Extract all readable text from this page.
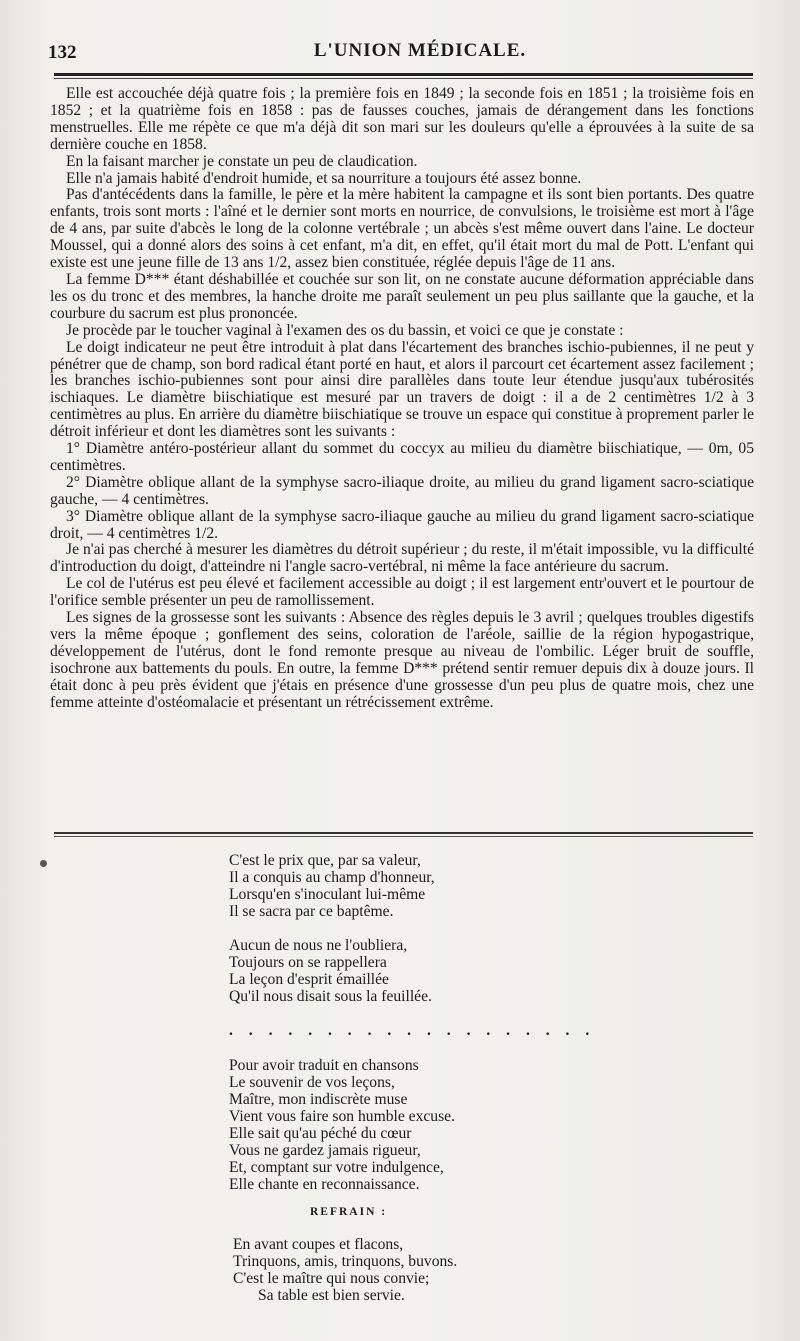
132	L'UNION MÉDICALE.

Elle est accouchée déjà quatre fois ; la première fois en 1849 ; la seconde fois en 1851 ; la troisième fois en 1852 ; et la quatrième fois en 1858 : pas de fausses couches, jamais de dérangement dans les fonctions menstruelles. Elle me répète ce que m'a déjà dit son mari sur les douleurs qu'elle a éprouvées à la suite de sa dernière couche en 1858.

En la faisant marcher je constate un peu de claudication.

Elle n'a jamais habité d'endroit humide, et sa nourriture a toujours été assez bonne.

Pas d'antécédents dans la famille, le père et la mère habitent la campagne et ils sont bien portants. Des quatre enfants, trois sont morts : l'aîné et le dernier sont morts en nourrice, de convulsions, le troisième est mort à l'âge de 4 ans, par suite d'abcès le long de la colonne vertébrale ; un abcès s'est même ouvert dans l'aine. Le docteur Moussel, qui a donné alors des soins à cet enfant, m'a dit, en effet, qu'il était mort du mal de Pott. L'enfant qui existe est une jeune fille de 13 ans 1/2, assez bien constituée, réglée depuis l'âge de 11 ans.

La femme D*** étant déshabillée et couchée sur son lit, on ne constate aucune déformation appréciable dans les os du tronc et des membres, la hanche droite me paraît seulement un peu plus saillante que la gauche, et la courbure du sacrum est plus prononcée.

Je procède par le toucher vaginal à l'examen des os du bassin, et voici ce que je constate :

Le doigt indicateur ne peut être introduit à plat dans l'écartement des branches ischio-pubiennes, il ne peut y pénétrer que de champ, son bord radical étant porté en haut, et alors il parcourt cet écartement assez facilement ; les branches ischio-pubiennes sont pour ainsi dire parallèles dans toute leur étendue jusqu'aux tubérosités ischiaques. Le diamètre biischiatique est mesuré par un travers de doigt : il a de 2 centimètres 1/2 à 3 centimètres au plus. En arrière du diamètre biischiatique se trouve un espace qui constitue à proprement parler le détroit inférieur et dont les diamètres sont les suivants :

1° Diamètre antéro-postérieur allant du sommet du coccyx au milieu du diamètre biischiatique, — 0m, 05 centimètres.

2° Diamètre oblique allant de la symphyse sacro-iliaque droite, au milieu du grand ligament sacro-sciatique gauche, — 4 centimètres.

3° Diamètre oblique allant de la symphyse sacro-iliaque gauche au milieu du grand ligament sacro-sciatique droit, — 4 centimètres 1/2.

Je n'ai pas cherché à mesurer les diamètres du détroit supérieur ; du reste, il m'était impossible, vu la difficulté d'introduction du doigt, d'atteindre ni l'angle sacro-vertébral, ni même la face antérieure du sacrum.

Le col de l'utérus est peu élevé et facilement accessible au doigt ; il est largement entr'ouvert et le pourtour de l'orifice semble présenter un peu de ramollissement.

Les signes de la grossesse sont les suivants : Absence des règles depuis le 3 avril ; quelques troubles digestifs vers la même époque ; gonflement des seins, coloration de l'aréole, saillie de la région hypogastrique, développement de l'utérus, dont le fond remonte presque au niveau de l'ombilic. Léger bruit de souffle, isochrone aux battements du pouls. En outre, la femme D*** prétend sentir remuer depuis dix à douze jours. Il était donc à peu près évident que j'étais en présence d'une grossesse d'un peu plus de quatre mois, chez une femme atteinte d'ostéomalacie et présentant un rétrécissement extrême.

C'est le prix que, par sa valeur,
Il a conquis au champ d'honneur,
Lorsqu'en s'inoculant lui-même
Il se sacra par ce baptême.
Aucun de nous ne l'oubliera,
Toujours on se rappellera
La leçon d'esprit émaillée
Qu'il nous disait sous la feuillée.
. . . . . . . . . . . . . . . . . . .
Pour avoir traduit en chansons
Le souvenir de vos leçons,
Maître, mon indiscrète muse
Vient vous faire son humble excuse.
Elle sait qu'au péché du cœur
Vous ne gardez jamais rigueur,
Et, comptant sur votre indulgence,
Elle chante en reconnaissance.
REFRAIN :
En avant coupes et flacons,
Trinquons, amis, trinquons, buvons.
C'est le maître qui nous convie;
Sa table est bien servie.
